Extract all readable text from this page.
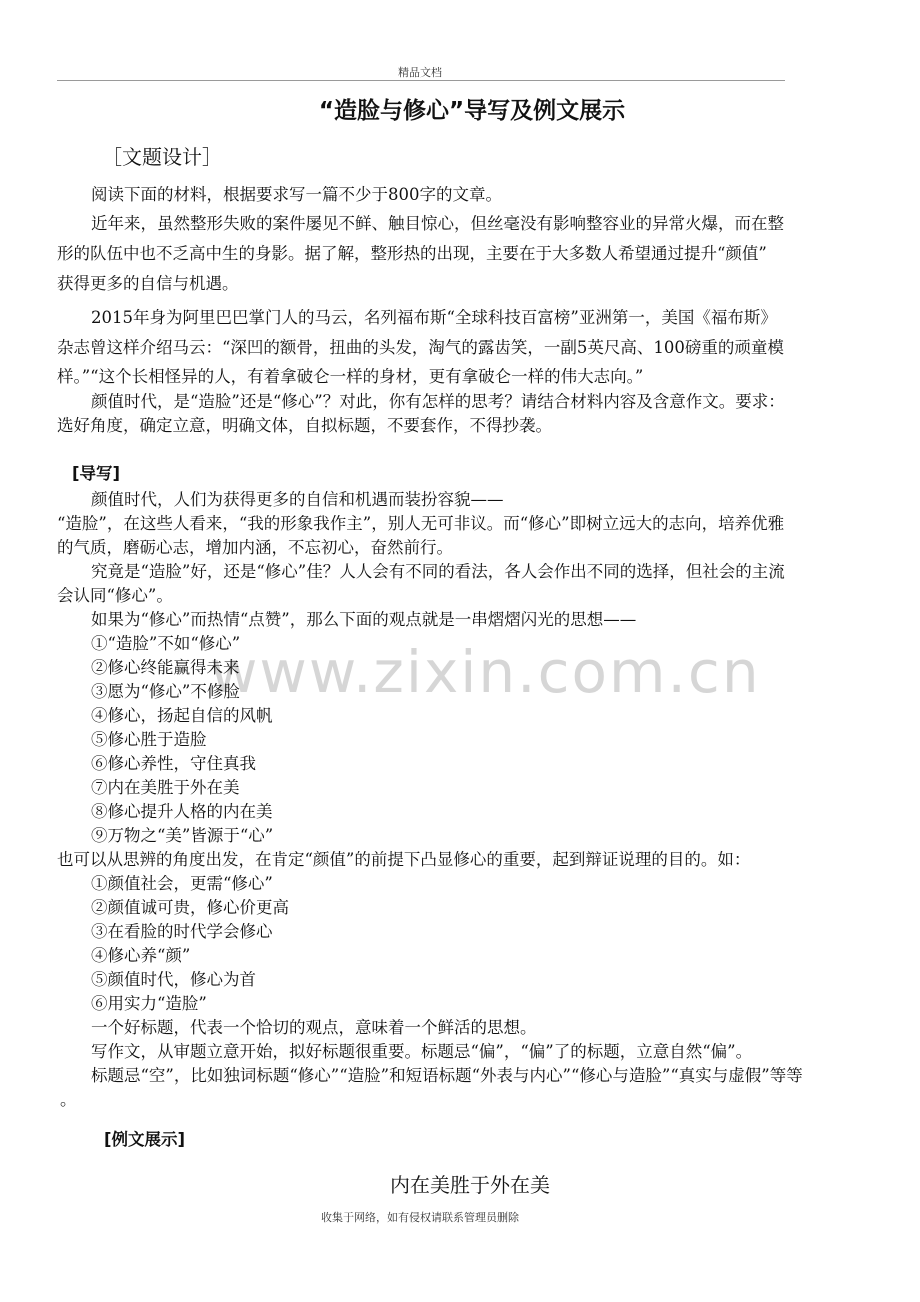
精品文档
www.zixin.com.cn
“造脸与修心”导写及例文展示
［文题设计］
阅读下面的材料，根据要求写一篇不少于800字的文章。
近年来，虽然整形失败的案件屡见不鲜、触目惊心，但丝毫没有影响整容业的异常火爆，而在整
形的队伍中也不乏高中生的身影。据了解，整形热的出现，主要在于大多数人希望通过提升“颜值”
获得更多的自信与机遇。
2015年身为阿里巴巴掌门人的马云，名列福布斯“全球科技百富榜”亚洲第一，美国《福布斯》
杂志曾这样介绍马云：“深凹的额骨，扭曲的头发，淘气的露齿笑，一副5英尺高、100磅重的顽童模
样。”“这个长相怪异的人，有着拿破仑一样的身材，更有拿破仑一样的伟大志向。”
颜值时代，是“造脸”还是“修心”？对此，你有怎样的思考？请结合材料内容及含意作文。要求：
选好角度，确定立意，明确文体，自拟标题，不要套作，不得抄袭。
[导写]
颜值时代，人们为获得更多的自信和机遇而装扮容貌——
“造脸”，在这些人看来，“我的形象我作主”，别人无可非议。而“修心”即树立远大的志向，培养优雅
的气质，磨砺心志，增加内涵，不忘初心，奋然前行。
究竟是“造脸”好，还是“修心”佳？人人会有不同的看法，各人会作出不同的选择，但社会的主流
会认同“修心”。
如果为“修心”而热情“点赞”，那么下面的观点就是一串熠熠闪光的思想——
①“造脸”不如“修心”
②修心终能赢得未来
③愿为“修心”不修脸
④修心，扬起自信的风帆
⑤修心胜于造脸
⑥修心养性，守住真我
⑦内在美胜于外在美
⑧修心提升人格的内在美
⑨万物之“美”皆源于“心”
也可以从思辨的角度出发，在肯定“颜值”的前提下凸显修心的重要，起到辩证说理的目的。如：
①颜值社会，更需“修心”
②颜值诚可贵，修心价更高
③在看脸的时代学会修心
④修心养“颜”
⑤颜值时代，修心为首
⑥用实力“造脸”
一个好标题，代表一个恰切的观点，意味着一个鲜活的思想。
写作文，从审题立意开始，拟好标题很重要。标题忌“偏”，“偏”了的标题，立意自然“偏”。
标题忌“空”，比如独词标题“修心”“造脸”和短语标题“外表与内心”“修心与造脸”“真实与虚假”等等
。
[例文展示]
内在美胜于外在美
收集于网络，如有侵权请联系管理员删除
